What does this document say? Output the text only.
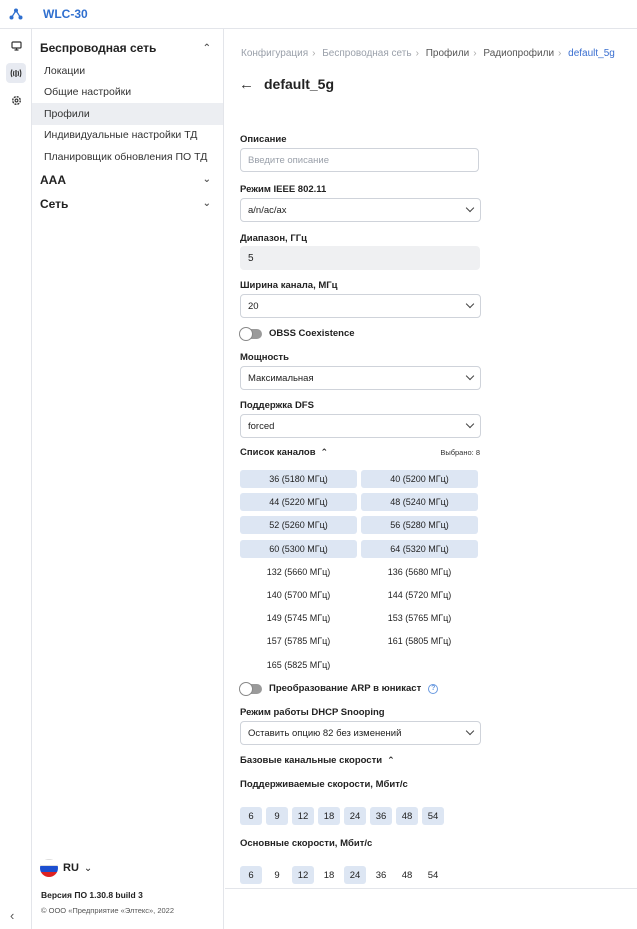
WLC-30
‹
Беспроводная сеть	⌃
Локации
Общие настройки
Профили
Индивидуальные настройки ТД
Планировщик обновления ПО ТД
AAA	⌄
Сеть	⌄
RU ⌄
Версия ПО 1.30.8 build 3
© ООО «Предприятие «Элтекс», 2022
Конфигурация › Беспроводная сеть › Профили › Радиопрофили › default_5g
← default_5g
Описание
Введите описание
Режим IEEE 802.11
a/n/ac/ax
Диапазон, ГГц
5
Ширина канала, МГц
20
OBSS Coexistence
Мощность
Максимальная
Поддержка DFS
forced
Список каналов ⌃	Выбрано: 8
36 (5180 МГц)	40 (5200 МГц)
44 (5220 МГц)	48 (5240 МГц)
52 (5260 МГц)	56 (5280 МГц)
60 (5300 МГц)	64 (5320 МГц)
132 (5660 МГц)	136 (5680 МГц)
140 (5700 МГц)	144 (5720 МГц)
149 (5745 МГц)	153 (5765 МГц)
157 (5785 МГц)	161 (5805 МГц)
165 (5825 МГц)
Преобразование ARP в юникаст	?
Режим работы DHCP Snooping
Оставить опцию 82 без изменений
Базовые канальные скорости ⌃
Поддерживаемые скорости, Мбит/с
6	9	12	18	24	36	48	54
Основные скорости, Мбит/с
6	9	12	18	24	36	48	54
